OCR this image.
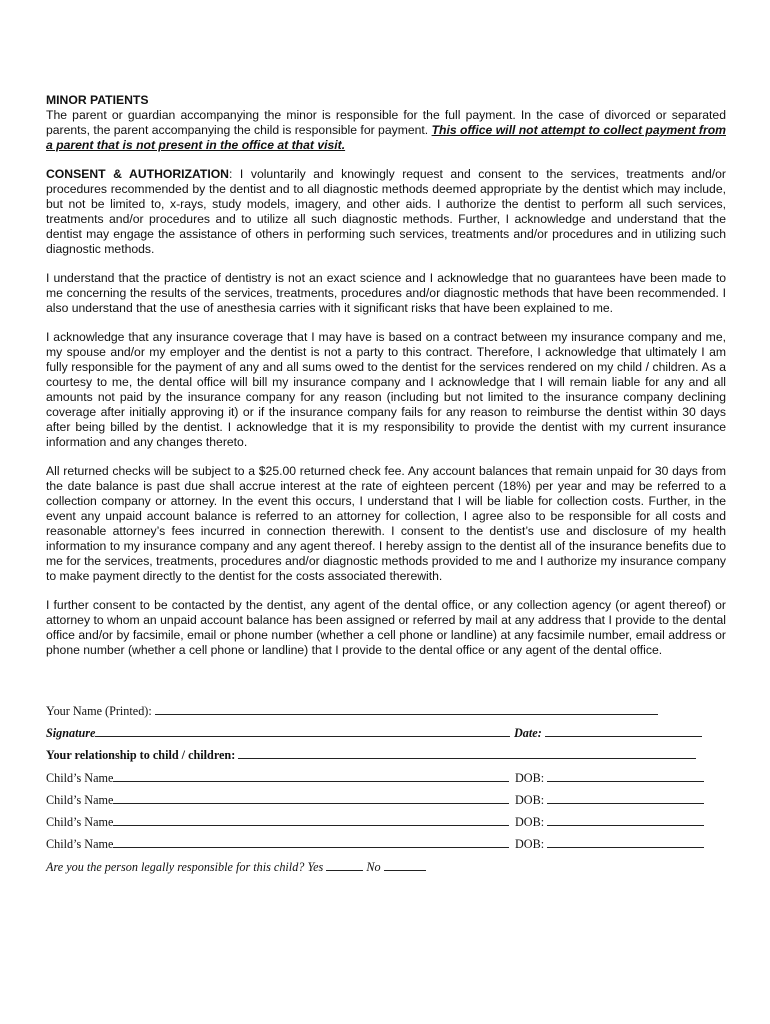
MINOR PATIENTS

The parent or guardian accompanying the minor is responsible for the full payment. In the case of divorced or separated parents, the parent accompanying the child is responsible for payment. This office will not attempt to collect payment from a parent that is not present in the office at that visit.

CONSENT & AUTHORIZATION: I voluntarily and knowingly request and consent to the services, treatments and/or procedures recommended by the dentist and to all diagnostic methods deemed appropriate by the dentist which may include, but not be limited to, x-rays, study models, imagery, and other aids. I authorize the dentist to perform all such services, treatments and/or procedures and to utilize all such diagnostic methods. Further, I acknowledge and understand that the dentist may engage the assistance of others in performing such services, treatments and/or procedures and in utilizing such diagnostic methods.

I understand that the practice of dentistry is not an exact science and I acknowledge that no guarantees have been made to me concerning the results of the services, treatments, procedures and/or diagnostic methods that have been recommended. I also understand that the use of anesthesia carries with it significant risks that have been explained to me.

I acknowledge that any insurance coverage that I may have is based on a contract between my insurance company and me, my spouse and/or my employer and the dentist is not a party to this contract. Therefore, I acknowledge that ultimately I am fully responsible for the payment of any and all sums owed to the dentist for the services rendered on my child / children. As a courtesy to me, the dental office will bill my insurance company and I acknowledge that I will remain liable for any and all amounts not paid by the insurance company for any reason (including but not limited to the insurance company declining coverage after initially approving it) or if the insurance company fails for any reason to reimburse the dentist within 30 days after being billed by the dentist. I acknowledge that it is my responsibility to provide the dentist with my current insurance information and any changes thereto.

All returned checks will be subject to a $25.00 returned check fee. Any account balances that remain unpaid for 30 days from the date balance is past due shall accrue interest at the rate of eighteen percent (18%) per year and may be referred to a collection company or attorney. In the event this occurs, I understand that I will be liable for collection costs. Further, in the event any unpaid account balance is referred to an attorney for collection, I agree also to be responsible for all costs and reasonable attorney’s fees incurred in connection therewith. I consent to the dentist’s use and disclosure of my health information to my insurance company and any agent thereof. I hereby assign to the dentist all of the insurance benefits due to me for the services, treatments, procedures and/or diagnostic methods provided to me and I authorize my insurance company to make payment directly to the dentist for the costs associated therewith.

I further consent to be contacted by the dentist, any agent of the dental office, or any collection agency (or agent thereof) or attorney to whom an unpaid account balance has been assigned or referred by mail at any address that I provide to the dental office and/or by facsimile, email or phone number (whether a cell phone or landline) at any facsimile number, email address or phone number (whether a cell phone or landline) that I provide to the dental office or any agent of the dental office.

Your Name (Printed):
Signature	Date:
Your relationship to child / children:
Child’s Name	DOB:
Child’s Name	DOB:
Child’s Name	DOB:
Child’s Name	DOB:
Are you the person legally responsible for this child? Yes	No
